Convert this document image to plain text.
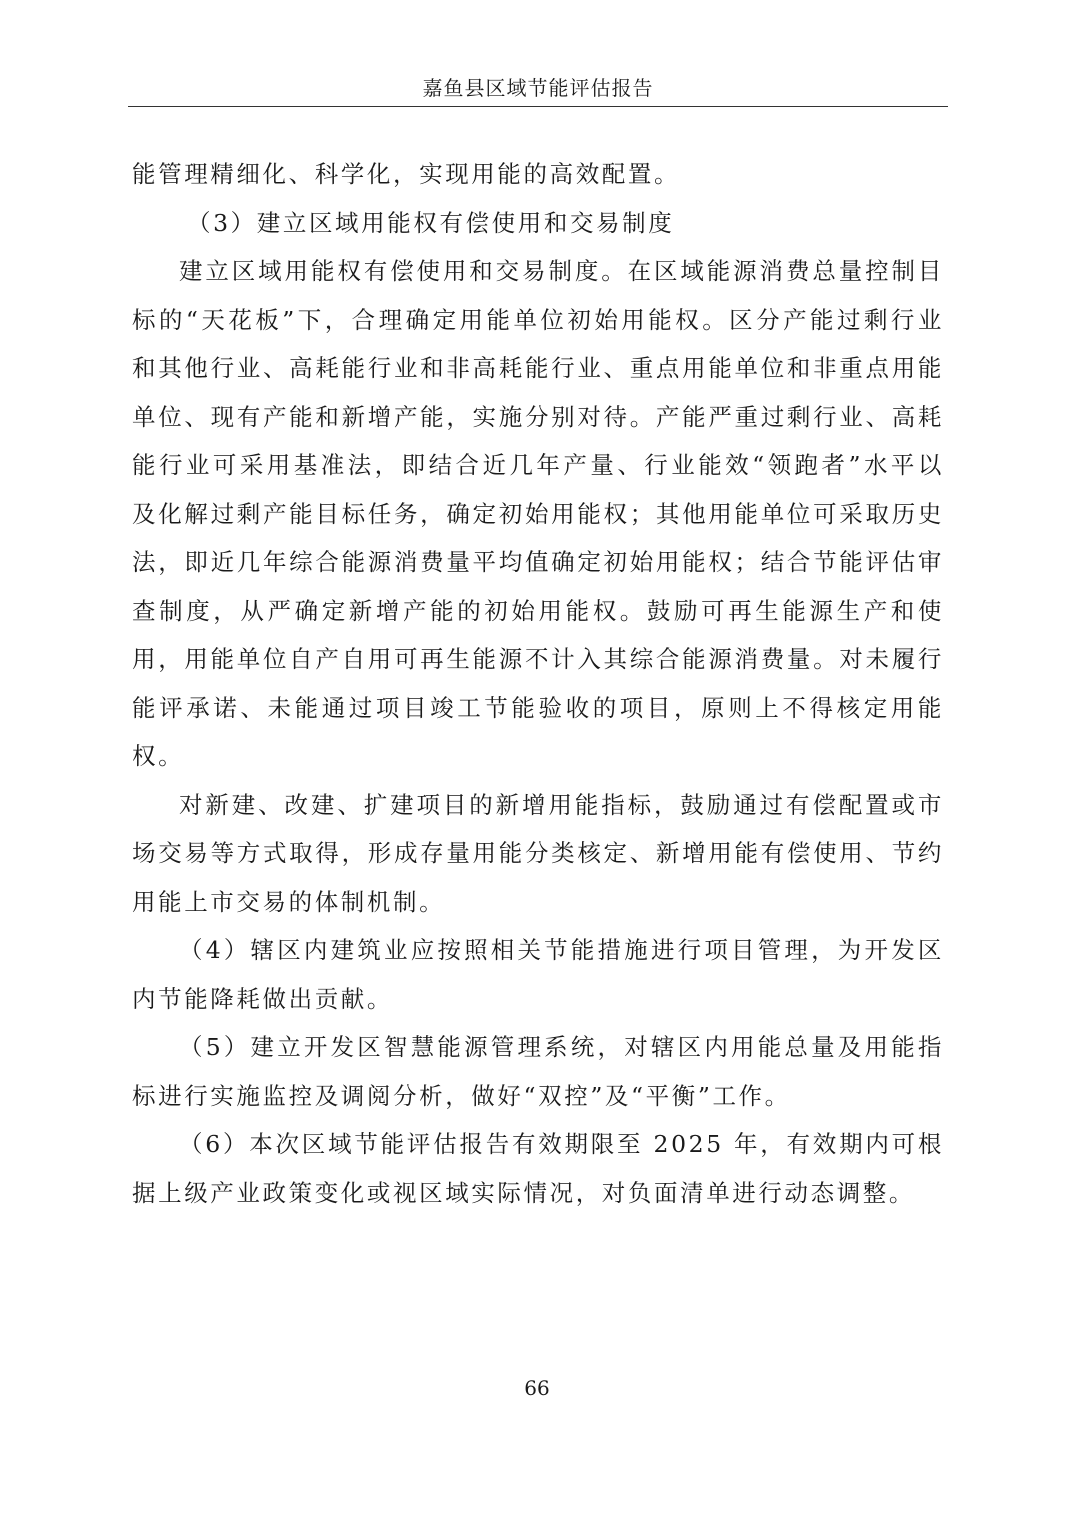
嘉鱼县区域节能评估报告

能管理精细化、科学化，实现用能的高效配置。

（3）建立区域用能权有偿使用和交易制度

建立区域用能权有偿使用和交易制度。在区域能源消费总量控制目标的“天花板”下，合理确定用能单位初始用能权。区分产能过剩行业和其他行业、高耗能行业和非高耗能行业、重点用能单位和非重点用能单位、现有产能和新增产能，实施分别对待。产能严重过剩行业、高耗能行业可采用基准法，即结合近几年产量、行业能效“领跑者”水平以及化解过剩产能目标任务，确定初始用能权；其他用能单位可采取历史法，即近几年综合能源消费量平均值确定初始用能权；结合节能评估审查制度，从严确定新增产能的初始用能权。鼓励可再生能源生产和使用，用能单位自产自用可再生能源不计入其综合能源消费量。对未履行能评承诺、未能通过项目竣工节能验收的项目，原则上不得核定用能权。

对新建、改建、扩建项目的新增用能指标，鼓励通过有偿配置或市场交易等方式取得，形成存量用能分类核定、新增用能有偿使用、节约用能上市交易的体制机制。

（4）辖区内建筑业应按照相关节能措施进行项目管理，为开发区内节能降耗做出贡献。

（5）建立开发区智慧能源管理系统，对辖区内用能总量及用能指标进行实施监控及调阅分析，做好“双控”及“平衡”工作。

（6）本次区域节能评估报告有效期限至 2025 年，有效期内可根据上级产业政策变化或视区域实际情况，对负面清单进行动态调整。

66
